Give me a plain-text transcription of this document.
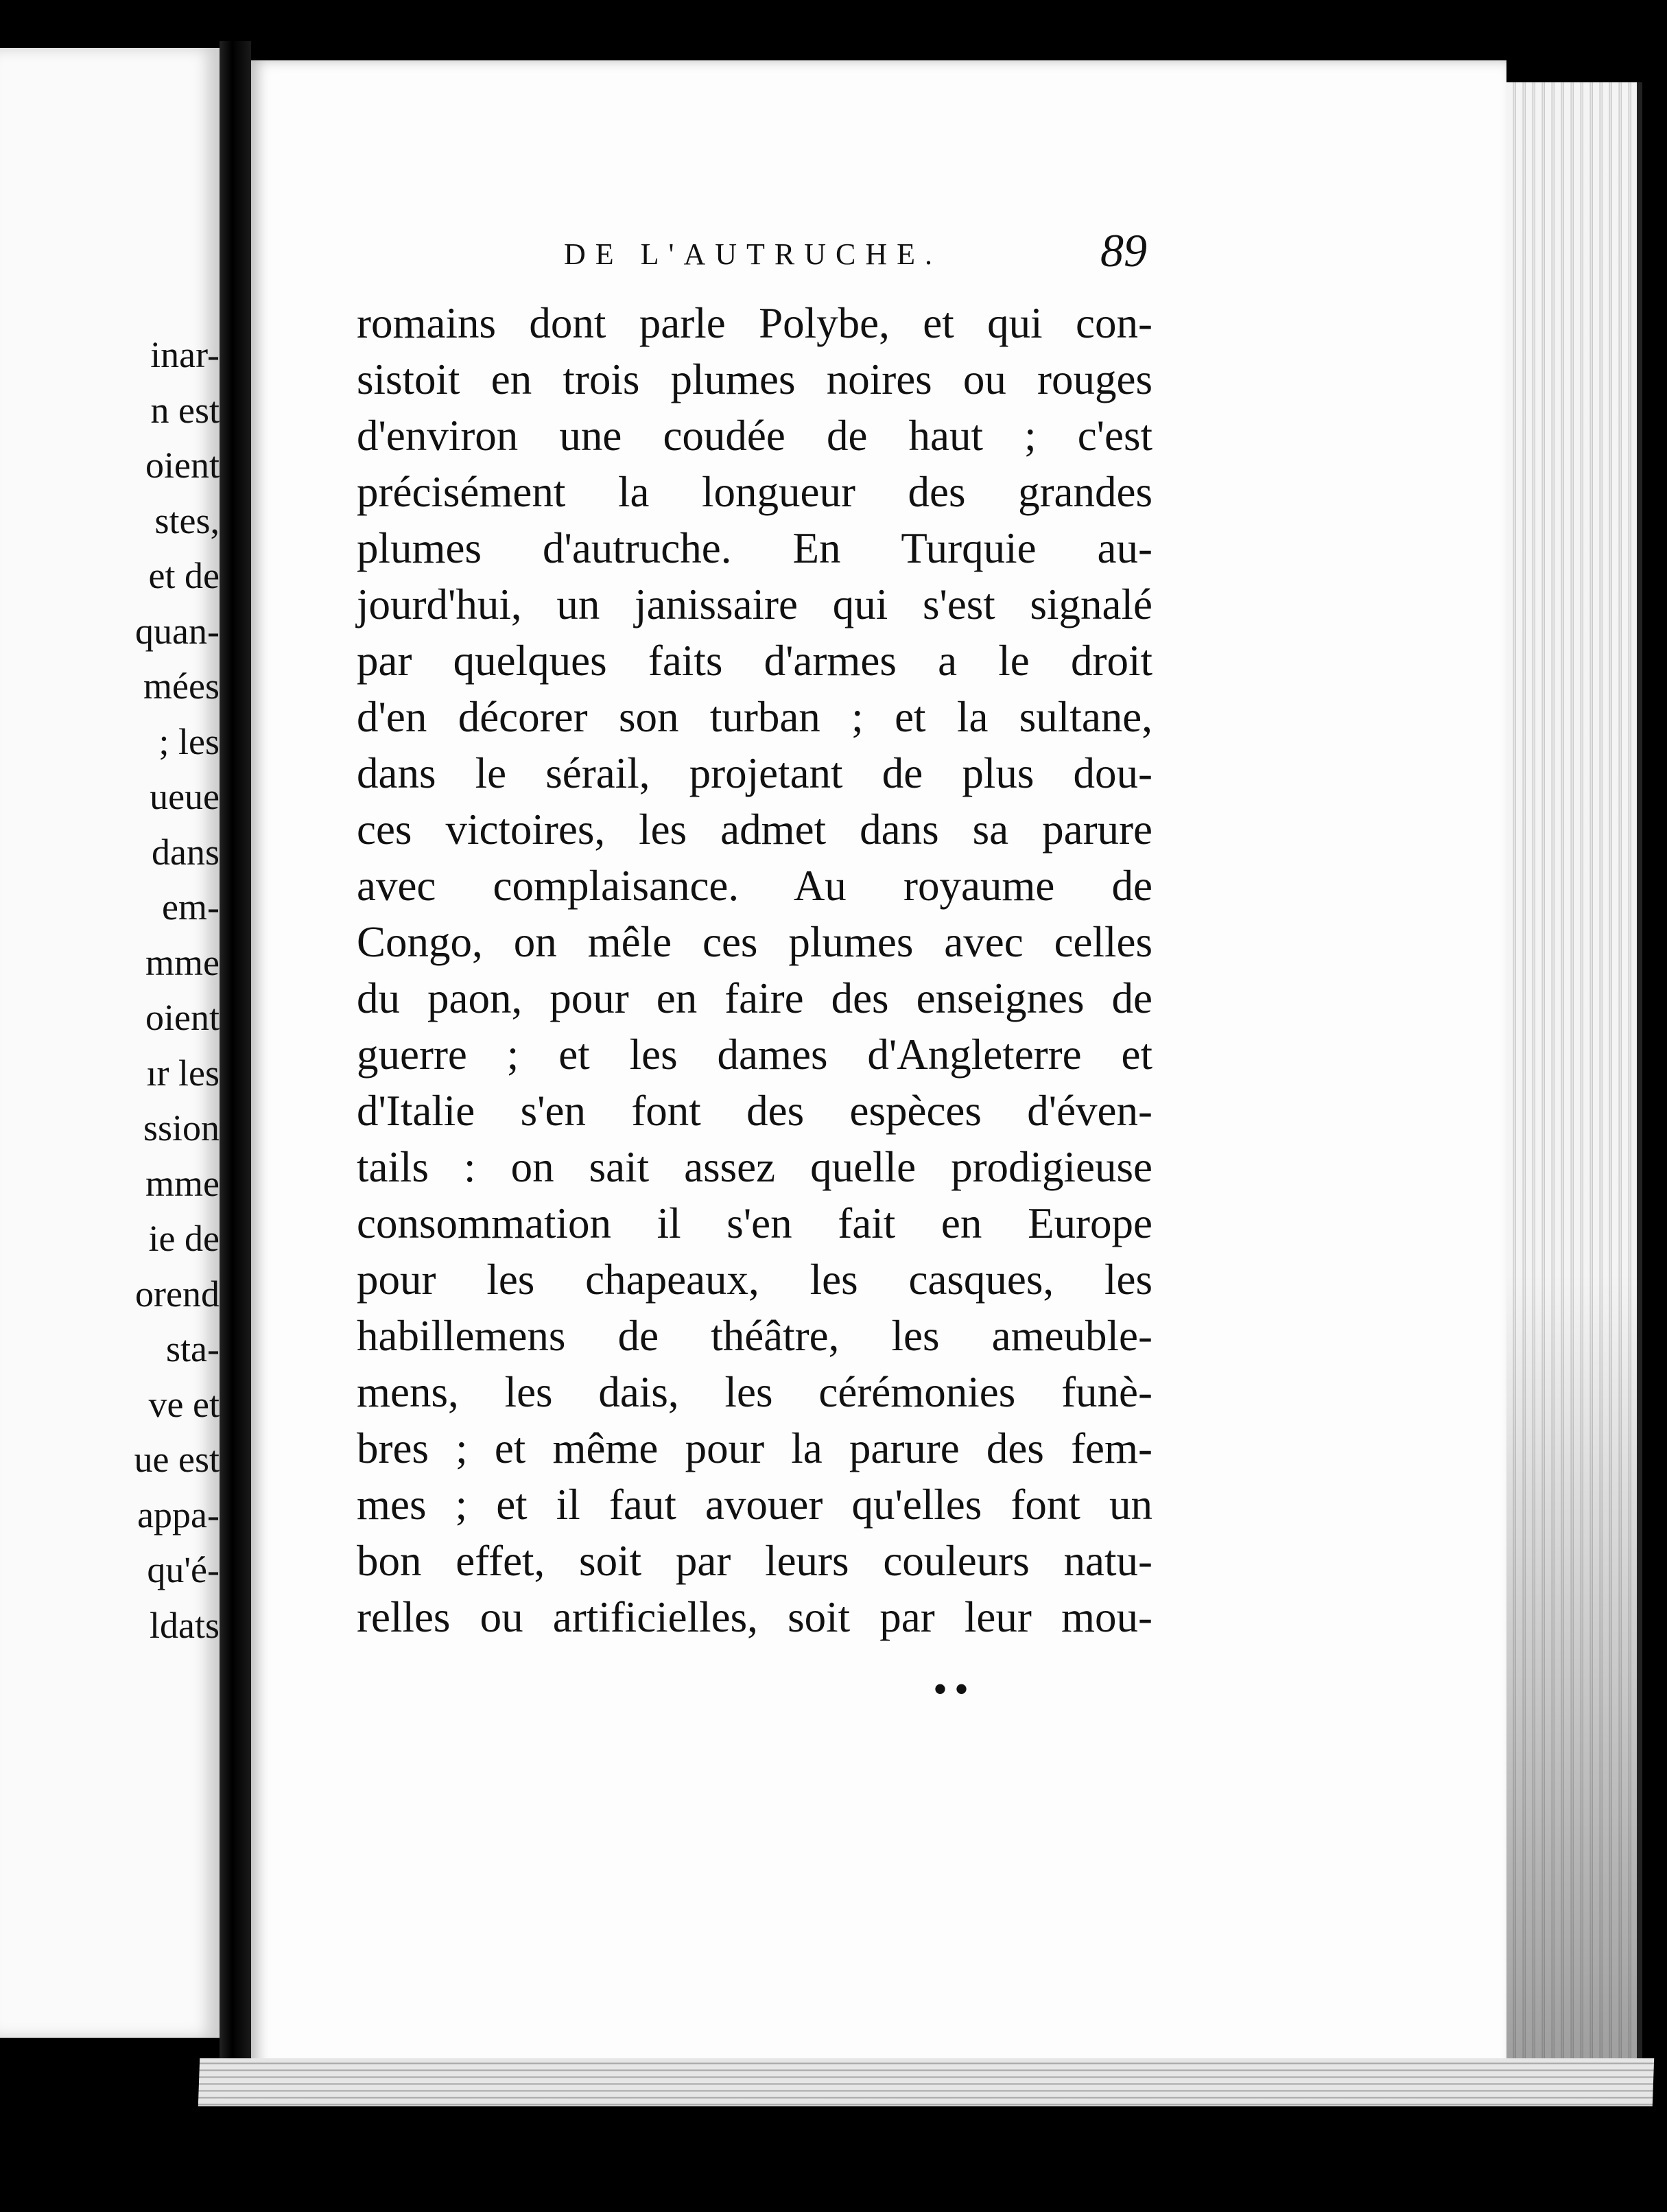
inar-
n est
oient
stes,
et de
quan-
mées
; les
ueue
dans
em-
mme
oient
ır les
ssion
mme
ie de
orend
sta-
ve et
ue est
appa-
qu'é-
ldats
DE L'AUTRUCHE.	89
romains dont parle Polybe, et qui con-
sistoit en trois plumes noires ou rouges
d'environ une coudée de haut ; c'est
précisément la longueur des grandes
plumes d'autruche. En Turquie au-
jourd'hui, un janissaire qui s'est signalé
par quelques faits d'armes a le droit
d'en décorer son turban ; et la sultane,
dans le sérail, projetant de plus dou-
ces victoires, les admet dans sa parure
avec complaisance. Au royaume de
Congo, on mêle ces plumes avec celles
du paon, pour en faire des enseignes de
guerre ; et les dames d'Angleterre et
d'Italie s'en font des espèces d'éven-
tails : on sait assez quelle prodigieuse
consommation il s'en fait en Europe
pour les chapeaux, les casques, les
habillemens de théâtre, les ameuble-
mens, les dais, les cérémonies funè-
bres ; et même pour la parure des fem-
mes ; et il faut avouer qu'elles font un
bon effet, soit par leurs couleurs natu-
relles ou artificielles, soit par leur mou-
••
